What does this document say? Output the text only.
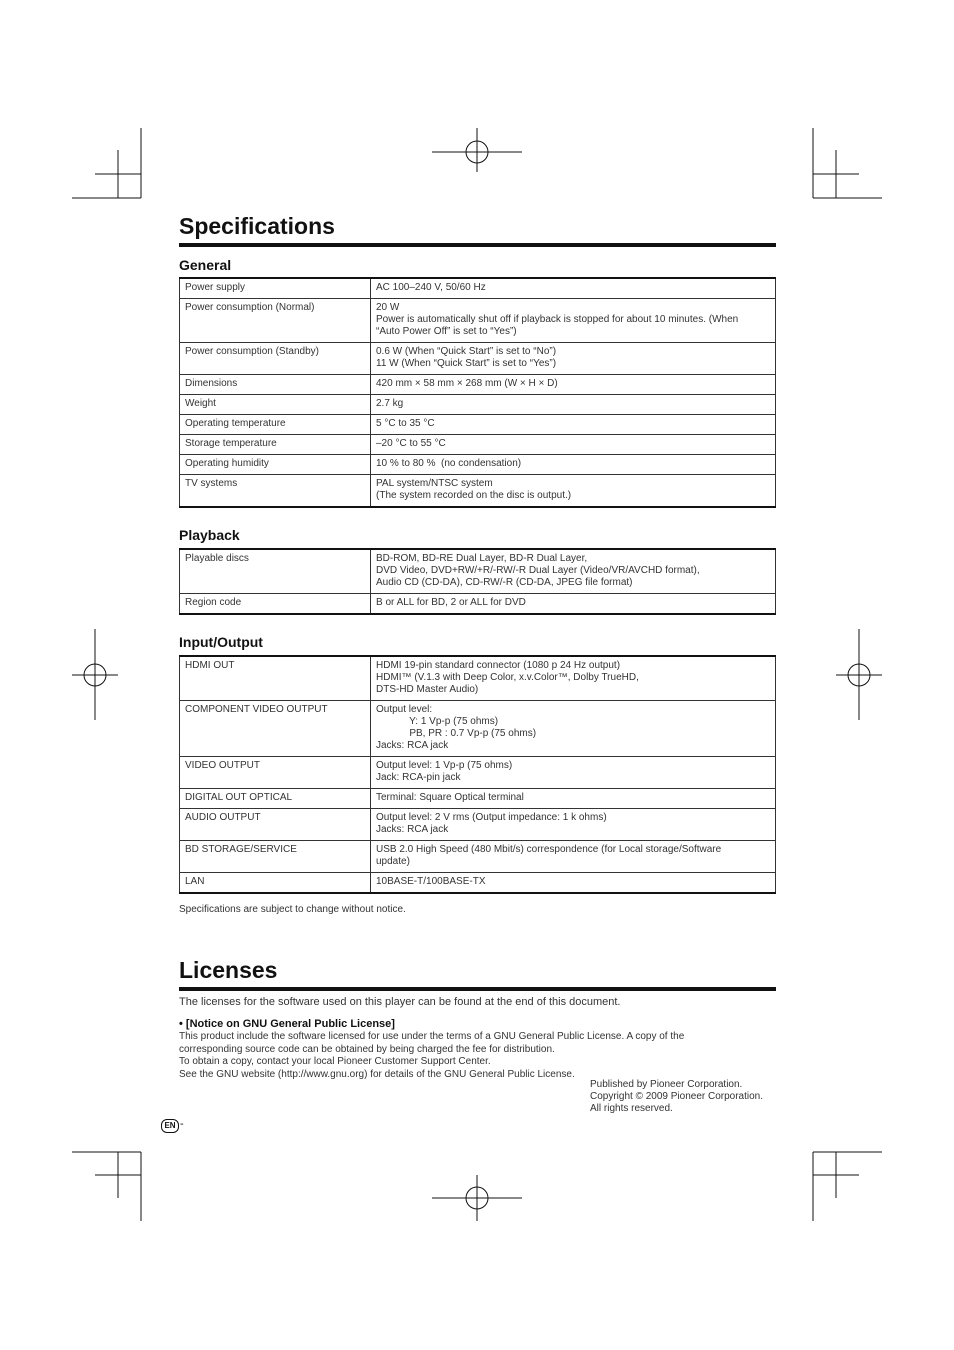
Specifications
General
Power supply	AC 100–240 V, 50/60 Hz

Power consumption (Normal)	20 W
Power is automatically shut off if playback is stopped for about 10 minutes. (When
“Auto Power Off” is set to “Yes”)

Power consumption (Standby)	0.6 W (When “Quick Start” is set to “No”)
11 W (When “Quick Start” is set to “Yes”)

Dimensions	420 mm × 58 mm × 268 mm (W × H × D)

Weight	2.7 kg

Operating temperature	5 °C to 35 °C

Storage temperature	–20 °C to 55 °C

Operating humidity	10 % to 80 %  (no condensation)

TV systems	PAL system/NTSC system
(The system recorded on the disc is output.)
Playback
Playable discs	BD-ROM, BD-RE Dual Layer, BD-R Dual Layer,
DVD Video, DVD+RW/+R/-RW/-R Dual Layer (Video/VR/AVCHD format),
Audio CD (CD-DA), CD-RW/-R (CD-DA, JPEG file format)

Region code	B or ALL for BD, 2 or ALL for DVD
Input/Output
HDMI OUT	HDMI 19-pin standard connector (1080 p 24 Hz output)
HDMI™ (V.1.3 with Deep Color, x.v.Color™, Dolby TrueHD,
DTS-HD Master Audio)

COMPONENT VIDEO OUTPUT	Output level:
Y: 1 Vp-p (75 ohms)
PB, PR : 0.7 Vp-p (75 ohms)
Jacks: RCA jack

VIDEO OUTPUT	Output level: 1 Vp-p (75 ohms)
Jack: RCA-pin jack

DIGITAL OUT OPTICAL	Terminal: Square Optical terminal

AUDIO OUTPUT	Output level: 2 V rms (Output impedance: 1 k ohms)
Jacks: RCA jack

BD STORAGE/SERVICE	USB 2.0 High Speed (480 Mbit/s) correspondence (for Local storage/Software
update)

LAN	10BASE-T/100BASE-TX
Specifications are subject to change without notice.
Licenses
The licenses for the software used on this player can be found at the end of this document.
• [Notice on GNU General Public License]
This product include the software licensed for use under the terms of a GNU General Public License. A copy of the
corresponding source code can be obtained by being charged the fee for distribution.
To obtain a copy, contact your local Pioneer Customer Support Center.
See the GNU website (http://www.gnu.org) for details of the GNU General Public License.
Published by Pioneer Corporation.
Copyright © 2009 Pioneer Corporation.
All rights reserved.
EN -
